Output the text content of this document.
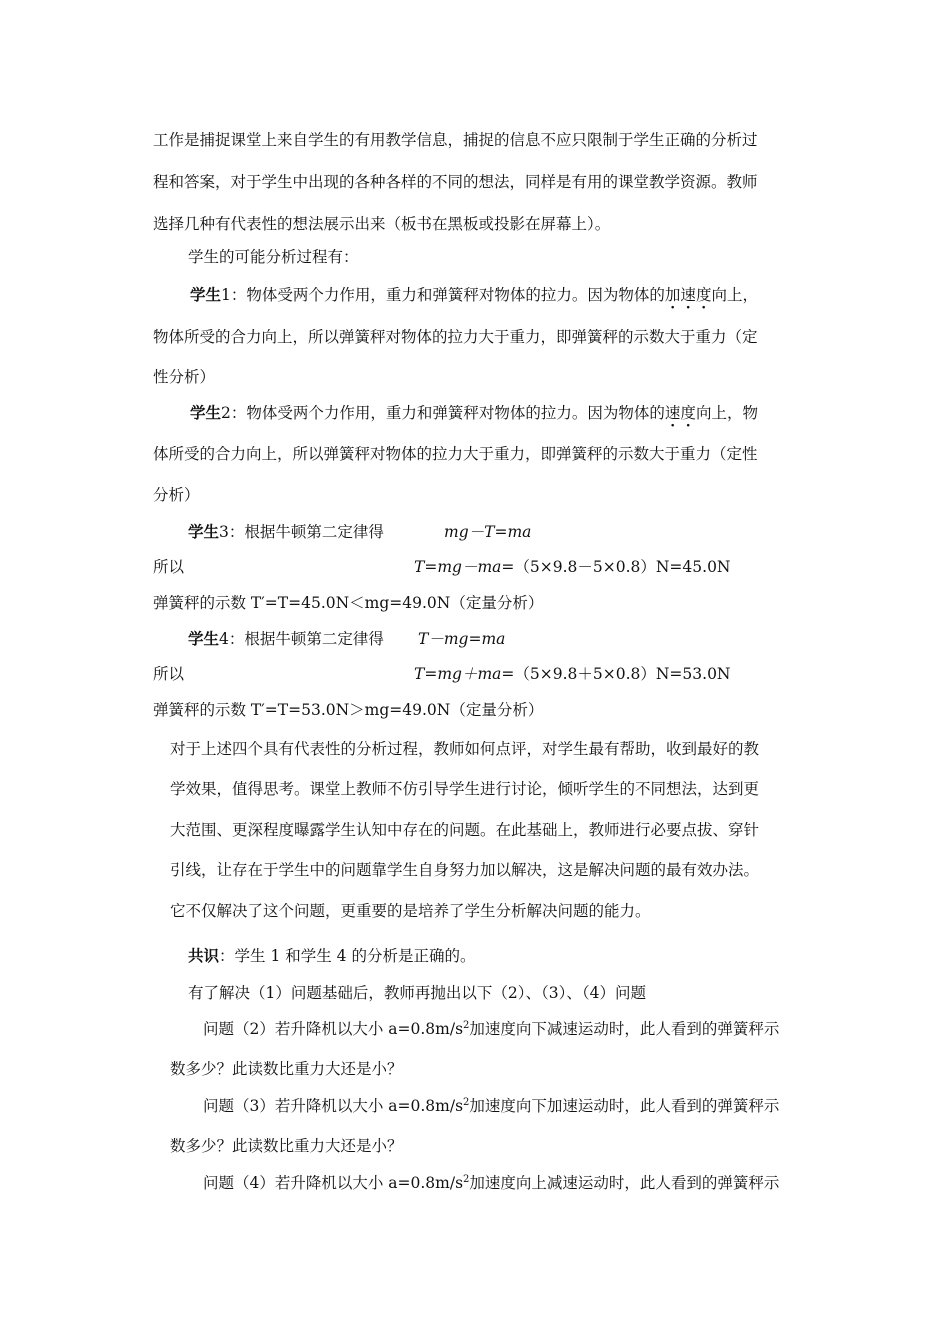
工作是捕捉课堂上来自学生的有用教学信息，捕捉的信息不应只限制于学生正确的分析过
程和答案，对于学生中出现的各种各样的不同的想法，同样是有用的课堂教学资源。教师
选择几种有代表性的想法展示出来（板书在黑板或投影在屏幕上）。
学生的可能分析过程有：
学生1：物体受两个力作用，重力和弹簧秤对物体的拉力。因为物体的加速度向上，
物体所受的合力向上，所以弹簧秤对物体的拉力大于重力，即弹簧秤的示数大于重力（定
性分析）
学生2：物体受两个力作用，重力和弹簧秤对物体的拉力。因为物体的速度向上，物
体所受的合力向上，所以弹簧秤对物体的拉力大于重力，即弹簧秤的示数大于重力（定性
分析）
学生3：根据牛顿第二定律得	mg－T=ma
所以	T=mg－ma=（5×9.8－5×0.8）N=45.0N
弹簧秤的示数 T′=T=45.0N＜mg=49.0N（定量分析）
学生4：根据牛顿第二定律得 T－mg=ma
所以	T=mg＋ma=（5×9.8＋5×0.8）N=53.0N
弹簧秤的示数 T′=T=53.0N＞mg=49.0N（定量分析）
对于上述四个具有代表性的分析过程，教师如何点评，对学生最有帮助，收到最好的教
学效果，值得思考。课堂上教师不仿引导学生进行讨论，倾听学生的不同想法，达到更
大范围、更深程度曝露学生认知中存在的问题。在此基础上，教师进行必要点拔、穿针
引线，让存在于学生中的问题靠学生自身努力加以解决，这是解决问题的最有效办法。
它不仅解决了这个问题，更重要的是培养了学生分析解决问题的能力。
共识：学生 1 和学生 4 的分析是正确的。
有了解决（1）问题基础后，教师再抛出以下（2）、（3）、（4）问题
问题（2）若升降机以大小 $a=0.8m/s^2$加速度向下减速运动时，此人看到的弹簧秤示
数多少？此读数比重力大还是小？
问题（3）若升降机以大小 $a=0.8m/s^2$加速度向下加速运动时，此人看到的弹簧秤示
数多少？此读数比重力大还是小？
问题（4）若升降机以大小 $a=0.8m/s^2$加速度向上减速运动时，此人看到的弹簧秤示
